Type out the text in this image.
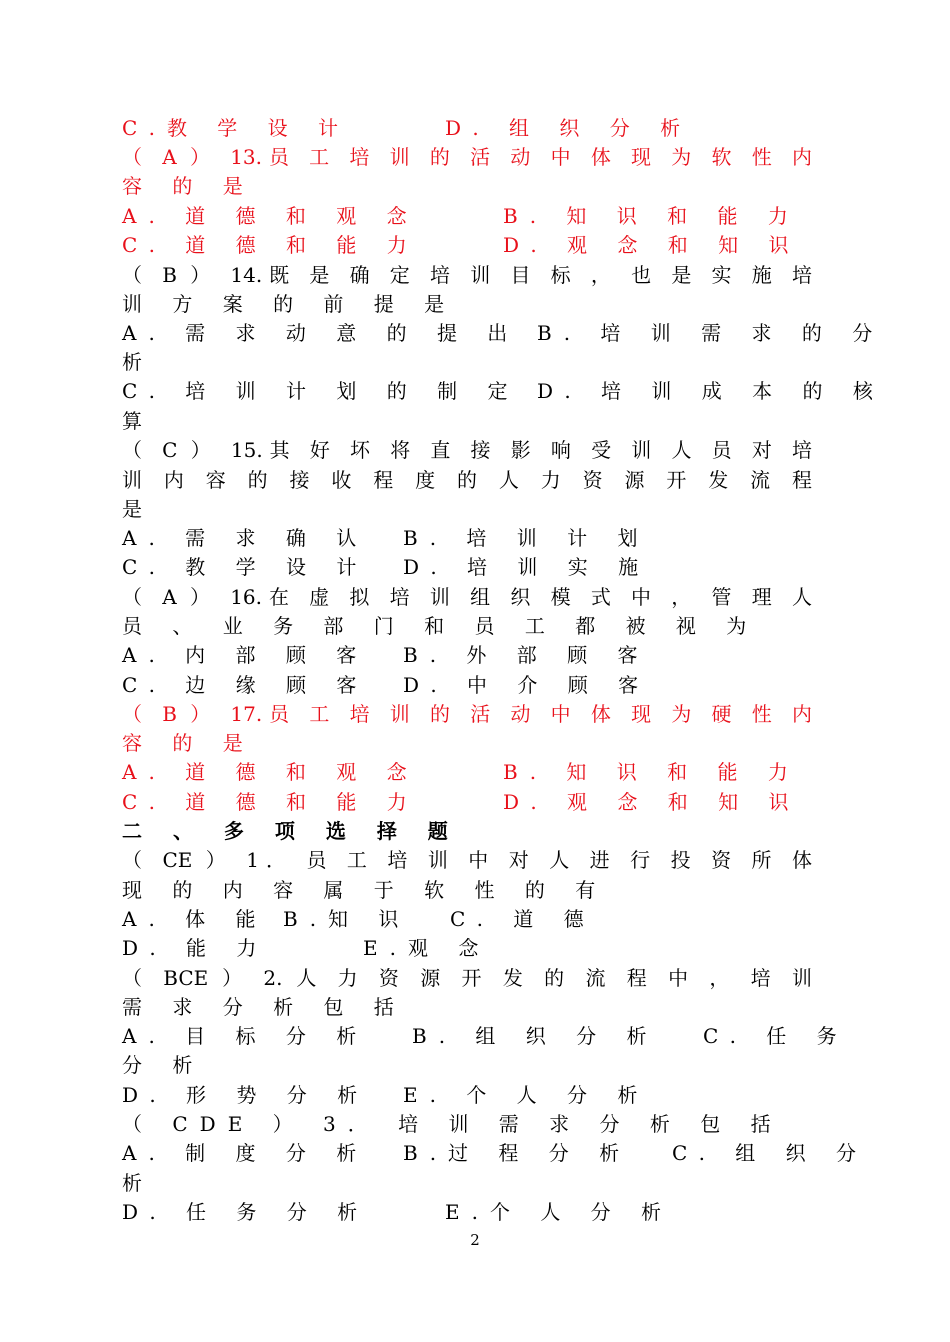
2
C.教 学 设 计	D. 组 织 分 析
（ A ） 13.员 工 培 训 的 活 动 中 体 现 为 软 性 内
容 的 是
A. 道 德 和 观 念	B. 知 识 和 能 力
C. 道 德 和 能 力	D. 观 念 和 知 识
（ B ） 14.既 是 确 定 培 训 目 标 ， 也 是 实 施 培
训 方 案 的 前 提 是
A. 需 求 动 意 的 提 出 B. 培 训 需 求 的 分
析
C. 培 训 计 划 的 制 定 D. 培 训 成 本 的 核
算
（ C ） 15.其 好 坏 将 直 接 影 响 受 训 人 员 对 培
训 内 容 的 接 收 程 度 的 人 力 资 源 开 发 流 程
是
A. 需 求 确 认 B. 培 训 计 划
C. 教 学 设 计 D. 培 训 实 施
（ A ） 16.在 虚 拟 培 训 组 织 模 式 中 ， 管 理 人
员 、 业 务 部 门 和 员 工 都 被 视 为
A. 内 部 顾 客 B. 外 部 顾 客
C. 边 缘 顾 客 D. 中 介 顾 客
（ B ） 17.员 工 培 训 的 活 动 中 体 现 为 硬 性 内
容 的 是
A. 道 德 和 观 念	B. 知 识 和 能 力
C. 道 德 和 能 力	D. 观 念 和 知 识
二 、 多 项 选 择 题
（ CE ） 1． 员 工 培 训 中 对 人 进 行 投 资 所 体
现 的 内 容 属 于 软 性 的 有
A. 体 能 B.知 识 C. 道 德
D. 能 力	E.观 念
（ BCE ） 2. 人 力 资 源 开 发 的 流 程 中 ， 培 训
需 求 分 析 包 括
A. 目 标 分 析 B. 组 织 分 析 C. 任 务
分 析
D. 形 势 分 析 E. 个 人 分 析
（ CDE ） 3． 培 训 需 求 分 析 包 括
A. 制 度 分 析 B.过 程 分 析 C. 组 织 分
析
D. 任 务 分 析	E.个 人 分 析
